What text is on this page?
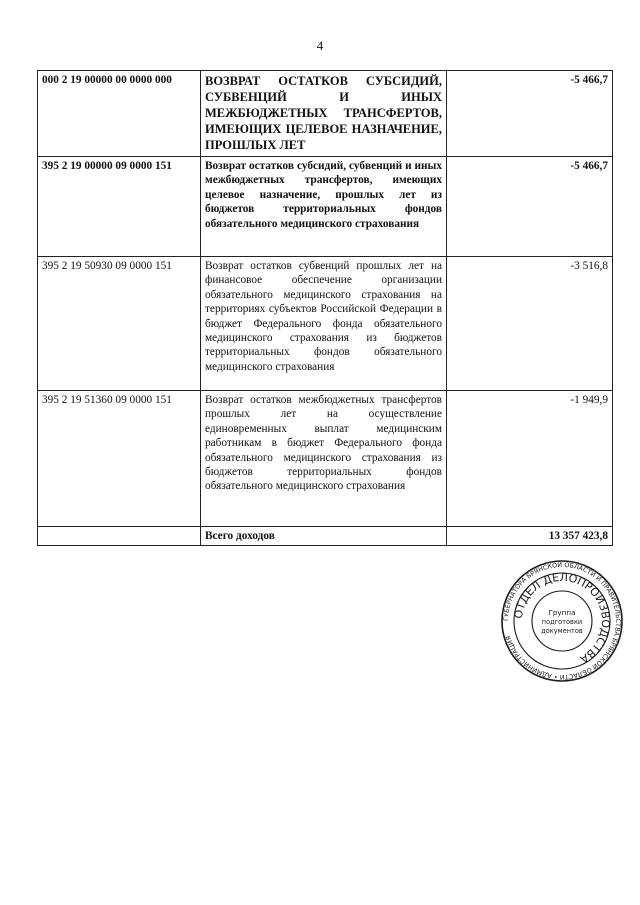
4
000 2 19 00000 00 0000 000	ВОЗВРАТ ОСТАТКОВ СУБСИДИЙ, СУБВЕНЦИЙ И ИНЫХ МЕЖБЮДЖЕТНЫХ ТРАНСФЕРТОВ, ИМЕЮЩИХ ЦЕЛЕВОЕ НАЗНАЧЕНИЕ, ПРОШЛЫХ ЛЕТ	-5 466,7
395 2 19 00000 09 0000 151	Возврат остатков субсидий, субвенций и иных межбюджетных трансфертов, имеющих целевое назначение, прошлых лет из бюджетов территориальных фондов обязательного медицинского страхования	-5 466,7
395 2 19 50930 09 0000 151	Возврат остатков субвенций прошлых лет на финансовое обеспечение организации обязательного медицинского страхования на территориях субъектов Российской Федерации в бюджет Федерального фонда обязательного медицинского страхования из бюджетов территориальных фондов обязательного медицинского страхования	-3 516,8
395 2 19 51360 09 0000 151	Возврат остатков межбюджетных трансфертов прошлых лет на осуществление единовременных выплат медицинским работникам в бюджет Федерального фонда обязательного медицинского страхования из бюджетов территориальных фондов обязательного медицинского страхования	-1 949,9
	Всего доходов	13 357 423,8
ГУБЕРНАТОРА БРЯНСКОЙ ОБЛАСТИ И ПРАВИТЕЛЬСТВА БРЯНСКОЙ ОБЛАСТИ • АДМИНИСТРАЦИЯ
ОТДЕЛ ДЕЛОПРОИЗВОДСТВА
Группа
подготовки
документов
